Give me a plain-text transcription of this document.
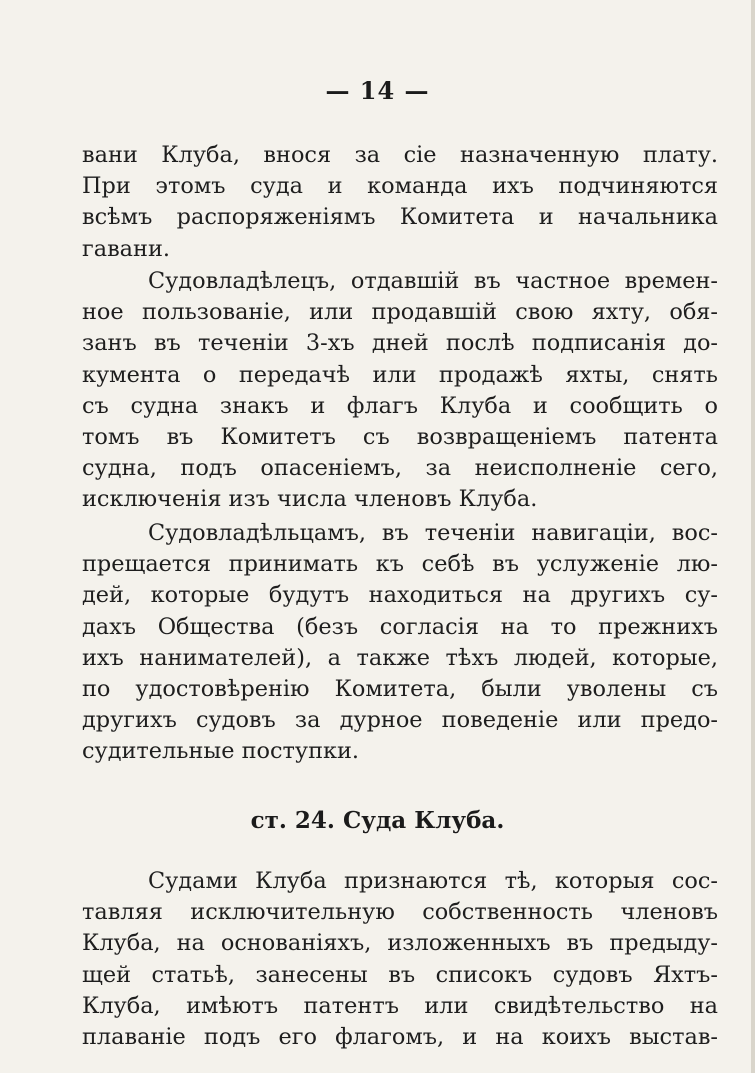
— 14 —
вани Клуба, внося за сіе назначенную плату.
При этомъ суда и команда ихъ подчиняются
всѣмъ распоряженіямъ Комитета и начальника
гавани.
Судовладѣлецъ, отдавшій въ частное времен-
ное пользованіе, или продавшій свою яхту, обя-
занъ въ теченіи 3-хъ дней послѣ подписанія до-
кумента о передачѣ или продажѣ яхты, снять
съ судна знакъ и флагъ Клуба и сообщить о
томъ въ Комитетъ съ возвращеніемъ патента
судна, подъ опасеніемъ, за неисполненіе сего,
исключенія изъ числа членовъ Клуба.
Судовладѣльцамъ, въ теченіи навигаціи, вос-
прещается принимать къ себѣ въ услуженіе лю-
дей, которые будутъ находиться на другихъ су-
дахъ Общества (безъ согласія на то прежнихъ
ихъ нанимателей), а также тѣхъ людей, которые,
по удостовѣренію Комитета, были уволены съ
другихъ судовъ за дурное поведеніе или предо-
судительные поступки.
ст. 24. Суда Клуба.
Судами Клуба признаются тѣ, которыя сос-
тавляя исключительную собственность членовъ
Клуба, на основаніяхъ, изложенныхъ въ предыду-
щей статьѣ, занесены въ списокъ судовъ Яхтъ-
Клуба, имѣютъ патентъ или свидѣтельство на
плаваніе подъ его флагомъ, и на коихъ выстав-
